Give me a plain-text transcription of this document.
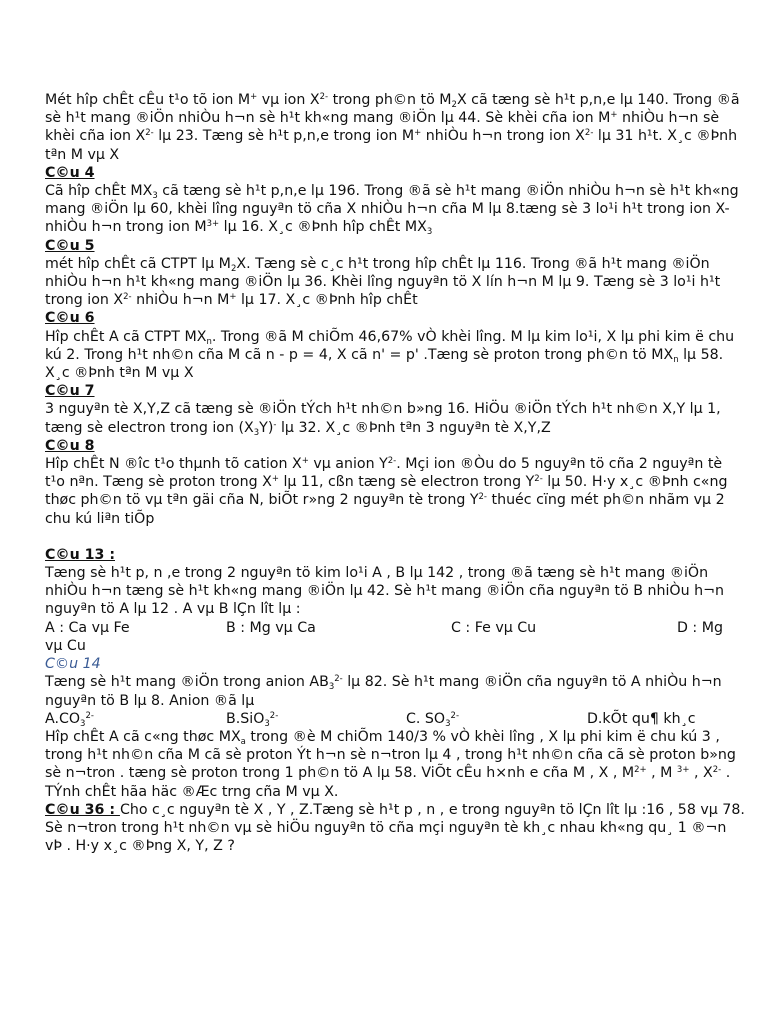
Mét hîp chÊt cÊu t¹o tõ ion M+ vµ ion $X^{2-}$ trong ph©n tö $M_2X$ cã tæng sè h¹t p,n,e lµ 140. Trong ®ã sè h¹t mang ®iÖn nhiÒu h¬n sè h¹t kh«ng mang ®iÖn lµ 44. Sè khèi cña ion M+ nhiÒu h¬n sè khèi cña ion $X^{2-}$ lµ 23. Tæng sè h¹t p,n,e trong ion M+ nhiÒu h¬n trong ion $X^{2-}$ lµ 31 h¹t. X¸c ®Þnh tªn M vµ X

C©u 4

Cã hîp chÊt $MX_3$ cã tæng sè h¹t p,n,e lµ 196. Trong ®ã sè h¹t mang ®iÖn nhiÒu h¬n sè h¹t kh«ng mang ®iÖn lµ 60, khèi lîng nguyªn tö cña X nhiÒu h¬n cña M lµ 8.tæng sè 3 lo¹i h¹t trong ion X- nhiÒu h¬n trong ion $M^{3+}$ lµ 16. X¸c ®Þnh hîp chÊt $MX_3$

C©u 5

mét hîp chÊt cã CTPT lµ $M_2X$. Tæng sè c¸c h¹t trong hîp chÊt lµ 116. Trong ®ã h¹t mang ®iÖn nhiÒu h¬n h¹t kh«ng mang ®iÖn lµ 36. Khèi lîng nguyªn tö X lín h¬n M lµ 9. Tæng sè 3 lo¹i h¹t trong ion $X^{2-}$ nhiÒu h¬n M+ lµ 17. X¸c ®Þnh hîp chÊt

C©u 6

Hîp chÊt A cã CTPT $MX_n$. Trong ®ã M chiÕm 46,67% vÒ khèi lîng. M lµ kim lo¹i, X lµ phi kim ë chu kú 2. Trong h¹t nh©n cña M cã n - p = 4, X cã n' = p' .Tæng sè proton trong ph©n tö $MX_n$ lµ 58. X¸c ®Þnh tªn M vµ X

C©u 7

3 nguyªn tè X,Y,Z cã tæng sè ®iÖn tÝch h¹t nh©n b»ng 16. HiÖu ®iÖn tÝch h¹t nh©n X,Y lµ 1, tæng sè electron trong ion $(X_3Y)^-$ lµ 32. X¸c ®Þnh tªn 3 nguyªn tè X,Y,Z

C©u 8

Hîp chÊt N ®îc t¹o thµnh tõ cation X+ vµ anion $Y^{2-}$. Mçi ion ®Òu do 5 nguyªn tö cña 2 nguyªn tè t¹o nªn. Tæng sè proton trong X+ lµ 11, cßn tæng sè electron trong $Y^{2-}$ lµ 50. H·y x¸c ®Þnh c«ng thøc ph©n tö vµ tªn gäi cña N, biÕt r»ng 2 nguyªn tè trong $Y^{2-}$ thuéc cïng mét ph©n nhãm vµ 2 chu kú liªn tiÕp

C©u 13 :

Tæng sè h¹t p, n ,e trong 2 nguyªn tö kim lo¹i A , B lµ 142 , trong ®ã tæng sè h¹t mang ®iÖn nhiÒu h¬n tæng sè h¹t kh«ng mang ®iÖn lµ 42. Sè h¹t mang ®iÖn cña nguyªn tö B nhiÒu h¬n nguyªn tö A lµ 12 . A vµ B lÇn lît lµ :

A : Ca vµ Fe	B : Mg vµ Ca	C : Fe vµ Cu	D : Mg

vµ Cu

C©u 14

Tæng sè h¹t mang ®iÖn trong anion $AB_3^{2-}$ lµ 82. Sè h¹t mang ®iÖn cña nguyªn tö A nhiÒu h¬n nguyªn tö B lµ 8. Anion ®ã lµ

$A.CO_3^{2-}$	B.SiO$_3^{2-}$	C. $SO_3^{2-}$	D.kÕt qu¶ kh¸c

Hîp chÊt A cã c«ng thøc $MX_a$ trong ®è M chiÕm 140/3 % vÒ khèi lîng , X lµ phi kim ë chu kú 3 , trong h¹t nh©n cña M cã sè proton Ýt h¬n sè n¬tron lµ 4 , trong h¹t nh©n cña cã sè proton b»ng sè n¬tron . tæng sè proton trong 1 ph©n tö A lµ 58. ViÕt cÊu h×nh e cña M , X , $M^{2+}$ , M $^{3+}$ , $X^{2-}$ . TÝnh chÊt hãa häc ®Æc trng cña M vµ X.

C©u 36 : Cho c¸c nguyªn tè X , Y , Z.Tæng sè h¹t p , n , e trong nguyªn tö lÇn lît lµ :16 , 58 vµ 78. Sè n¬tron trong h¹t nh©n vµ sè hiÖu nguyªn tö cña mçi nguyªn tè kh¸c nhau kh«ng qu¸ 1 ®¬n vÞ . H·y x¸c ®Þng X, Y, Z ?
